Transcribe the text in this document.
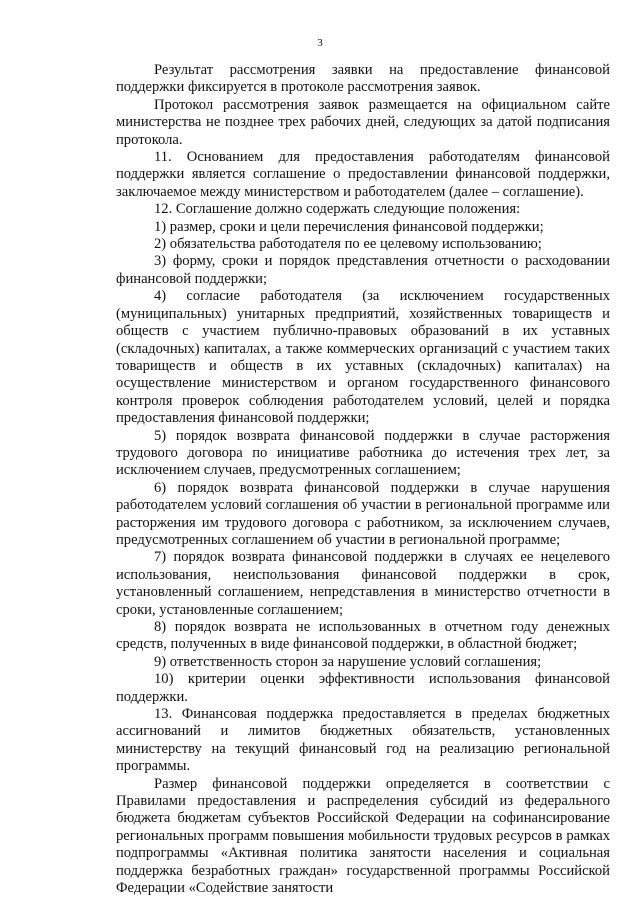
3

Результат рассмотрения заявки на предоставление финансовой поддержки фиксируется в протоколе рассмотрения заявок.

Протокол рассмотрения заявок размещается на официальном сайте министерства не позднее трех рабочих дней, следующих за датой подписания протокола.

11. Основанием для предоставления работодателям финансовой поддержки является соглашение о предоставлении финансовой поддержки, заключаемое между министерством и работодателем (далее – соглашение).

12. Соглашение должно содержать следующие положения:

1) размер, сроки и цели перечисления финансовой поддержки;

2) обязательства работодателя по ее целевому использованию;

3) форму, сроки и порядок представления отчетности о расходовании финансовой поддержки;

4) согласие работодателя (за исключением государственных (муниципальных) унитарных предприятий, хозяйственных товариществ и обществ с участием публично-правовых образований в их уставных (складочных) капиталах, а также коммерческих организаций с участием таких товариществ и обществ в их уставных (складочных) капиталах) на осуществление министерством и органом государственного финансового контроля проверок соблюдения работодателем условий, целей и порядка предоставления финансовой поддержки;

5) порядок возврата финансовой поддержки в случае расторжения трудового договора по инициативе работника до истечения трех лет, за исключением случаев, предусмотренных соглашением;

6) порядок возврата финансовой поддержки в случае нарушения работодателем условий соглашения об участии в региональной программе или расторжения им трудового договора с работником, за исключением случаев, предусмотренных соглашением об участии в региональной программе;

7) порядок возврата финансовой поддержки в случаях ее нецелевого использования, неиспользования финансовой поддержки в срок, установленный соглашением, непредставления в министерство отчетности в сроки, установленные соглашением;

8) порядок возврата не использованных в отчетном году денежных средств, полученных в виде финансовой поддержки, в областной бюджет;

9) ответственность сторон за нарушение условий соглашения;

10) критерии оценки эффективности использования финансовой поддержки.

13. Финансовая поддержка предоставляется в пределах бюджетных ассигнований и лимитов бюджетных обязательств, установленных министерству на текущий финансовый год на реализацию региональной программы.

Размер финансовой поддержки определяется в соответствии с Правилами предоставления и распределения субсидий из федерального бюджета бюджетам субъектов Российской Федерации на софинансирование региональных программ повышения мобильности трудовых ресурсов в рамках подпрограммы «Активная политика занятости населения и социальная поддержка безработных граждан» государственной программы Российской Федерации «Содействие занятости
